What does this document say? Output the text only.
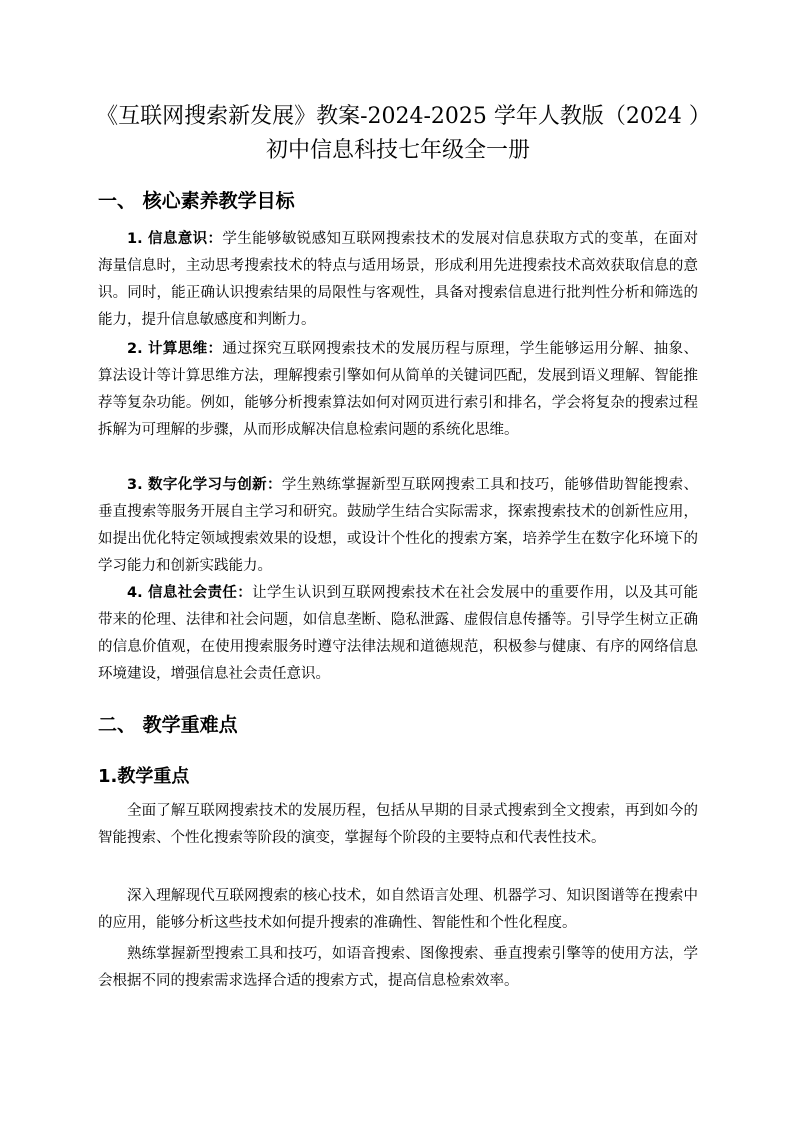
《互联网搜索新发展》教案-2024-2025 学年人教版（2024 ）初中信息科技七年级全一册
一、 核心素养教学目标

1. 信息意识：学生能够敏锐感知互联网搜索技术的发展对信息获取方式的变革，在面对海量信息时，主动思考搜索技术的特点与适用场景，形成利用先进搜索技术高效获取信息的意识。同时，能正确认识搜索结果的局限性与客观性，具备对搜索信息进行批判性分析和筛选的能力，提升信息敏感度和判断力。

2. 计算思维：通过探究互联网搜索技术的发展历程与原理，学生能够运用分解、抽象、算法设计等计算思维方法，理解搜索引擎如何从简单的关键词匹配，发展到语义理解、智能推荐等复杂功能。例如，能够分析搜索算法如何对网页进行索引和排名，学会将复杂的搜索过程拆解为可理解的步骤，从而形成解决信息检索问题的系统化思维。

3. 数字化学习与创新：学生熟练掌握新型互联网搜索工具和技巧，能够借助智能搜索、垂直搜索等服务开展自主学习和研究。鼓励学生结合实际需求，探索搜索技术的创新性应用，如提出优化特定领域搜索效果的设想，或设计个性化的搜索方案，培养学生在数字化环境下的学习能力和创新实践能力。

4. 信息社会责任：让学生认识到互联网搜索技术在社会发展中的重要作用，以及其可能带来的伦理、法律和社会问题，如信息垄断、隐私泄露、虚假信息传播等。引导学生树立正确的信息价值观，在使用搜索服务时遵守法律法规和道德规范，积极参与健康、有序的网络信息环境建设，增强信息社会责任意识。

二、 教学重难点
1.教学重点

全面了解互联网搜索技术的发展历程，包括从早期的目录式搜索到全文搜索，再到如今的智能搜索、个性化搜索等阶段的演变，掌握每个阶段的主要特点和代表性技术。

深入理解现代互联网搜索的核心技术，如自然语言处理、机器学习、知识图谱等在搜索中的应用，能够分析这些技术如何提升搜索的准确性、智能性和个性化程度。

熟练掌握新型搜索工具和技巧，如语音搜索、图像搜索、垂直搜索引擎等的使用方法，学会根据不同的搜索需求选择合适的搜索方式，提高信息检索效率。
